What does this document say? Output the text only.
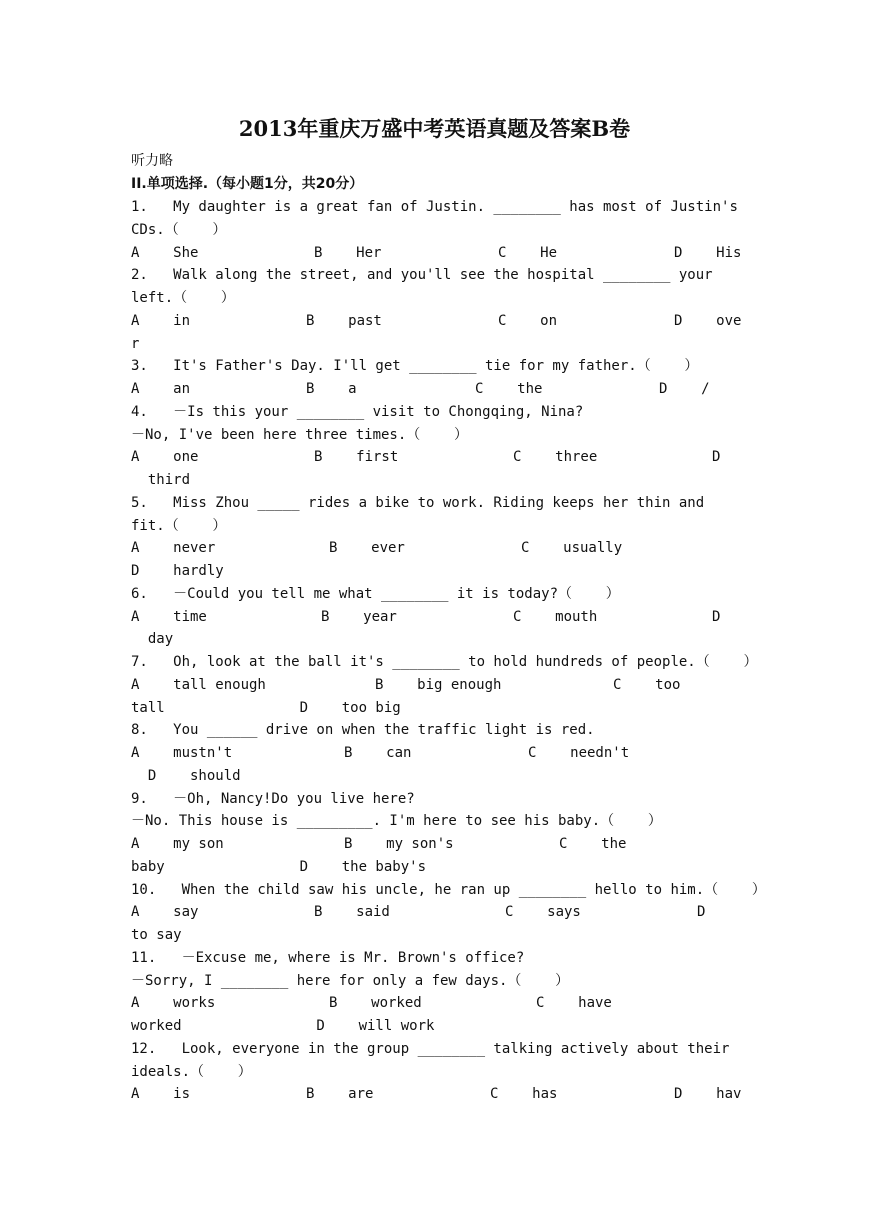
2013年重庆万盛中考英语真题及答案B卷
听力略
II.单项选择.（每小题1分，共20分）
1.   My daughter is a great fan of Justin. ________ has most of Justin's
CDs.（    ）
A    She	B    Her	C    He	D    His
2.   Walk along the street, and you'll see the hospital ________ your
left.（    ）
A    in	B    past	C    on	D    ove
r
3.   It's Father's Day. I'll get ________ tie for my father.（    ）
A    an	B    a	C    the	D    /
4.   －Is this your ________ visit to Chongqing, Nina?
－No, I've been here three times.（    ）
A    one	B    first	C    three	D
third
5.   Miss Zhou _____ rides a bike to work. Riding keeps her thin and
fit.（    ）
A    never	B    ever	C    usually
D    hardly
6.   －Could you tell me what ________ it is today?（    ）
A    time	B    year	C    mouth	D
day
7.   Oh, look at the ball it's ________ to hold hundreds of people.（    ）
A    tall enough	B    big enough	C    too
tall                D    too big
8.   You ______ drive on when the traffic light is red.
A    mustn't	B    can	C    needn't
D    should
9.   －Oh, Nancy!Do you live here?
－No. This house is _________. I'm here to see his baby.（    ）
A    my son	B    my son's	C    the
baby                D    the baby's
10.   When the child saw his uncle, he ran up ________ hello to him.（    ）
A    say	B    said	C    says	D
to say
11.   －Excuse me, where is Mr. Brown's office?
－Sorry, I ________ here for only a few days.（    ）
A    works	B    worked	C    have
worked                D    will work
12.   Look, everyone in the group ________ talking actively about their
ideals.（    ）
A    is	B    are	C    has	D    hav
